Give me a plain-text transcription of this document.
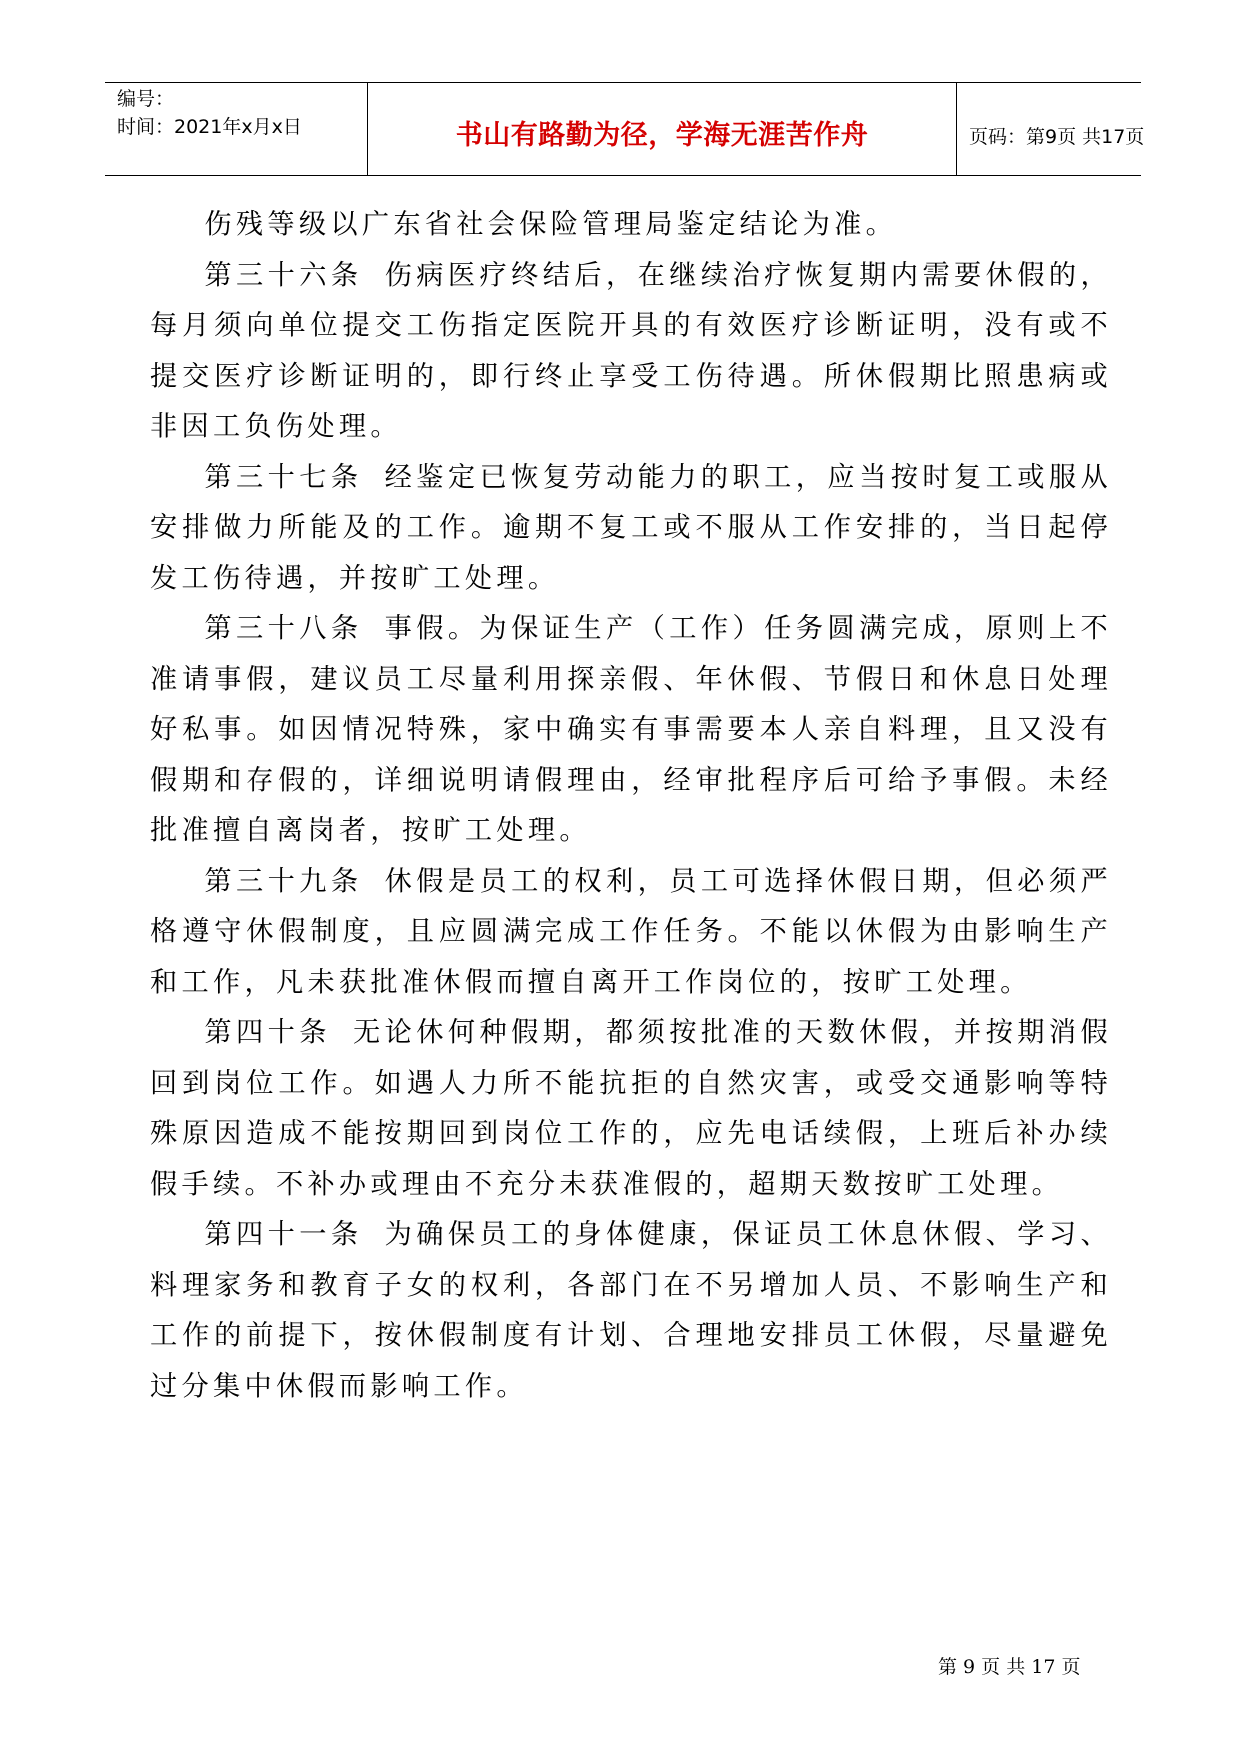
编号：
时间：2021年x月x日	书山有路勤为径，学海无涯苦作舟	页码：第9页 共17页

伤残等级以广东省社会保险管理局鉴定结论为准。

第三十六条 伤病医疗终结后，在继续治疗恢复期内需要休假的，每月须向单位提交工伤指定医院开具的有效医疗诊断证明，没有或不提交医疗诊断证明的，即行终止享受工伤待遇。所休假期比照患病或非因工负伤处理。

第三十七条 经鉴定已恢复劳动能力的职工，应当按时复工或服从安排做力所能及的工作。逾期不复工或不服从工作安排的，当日起停发工伤待遇，并按旷工处理。

第三十八条 事假。为保证生产（工作）任务圆满完成，原则上不准请事假，建议员工尽量利用探亲假、年休假、节假日和休息日处理好私事。如因情况特殊，家中确实有事需要本人亲自料理，且又没有假期和存假的，详细说明请假理由，经审批程序后可给予事假。未经批准擅自离岗者，按旷工处理。

第三十九条 休假是员工的权利，员工可选择休假日期，但必须严格遵守休假制度，且应圆满完成工作任务。不能以休假为由影响生产和工作，凡未获批准休假而擅自离开工作岗位的，按旷工处理。

第四十条 无论休何种假期，都须按批准的天数休假，并按期消假回到岗位工作。如遇人力所不能抗拒的自然灾害，或受交通影响等特殊原因造成不能按期回到岗位工作的，应先电话续假，上班后补办续假手续。不补办或理由不充分未获准假的，超期天数按旷工处理。

第四十一条 为确保员工的身体健康，保证员工休息休假、学习、料理家务和教育子女的权利，各部门在不另增加人员、不影响生产和工作的前提下，按休假制度有计划、合理地安排员工休假，尽量避免过分集中休假而影响工作。

第 9 页 共 17 页
